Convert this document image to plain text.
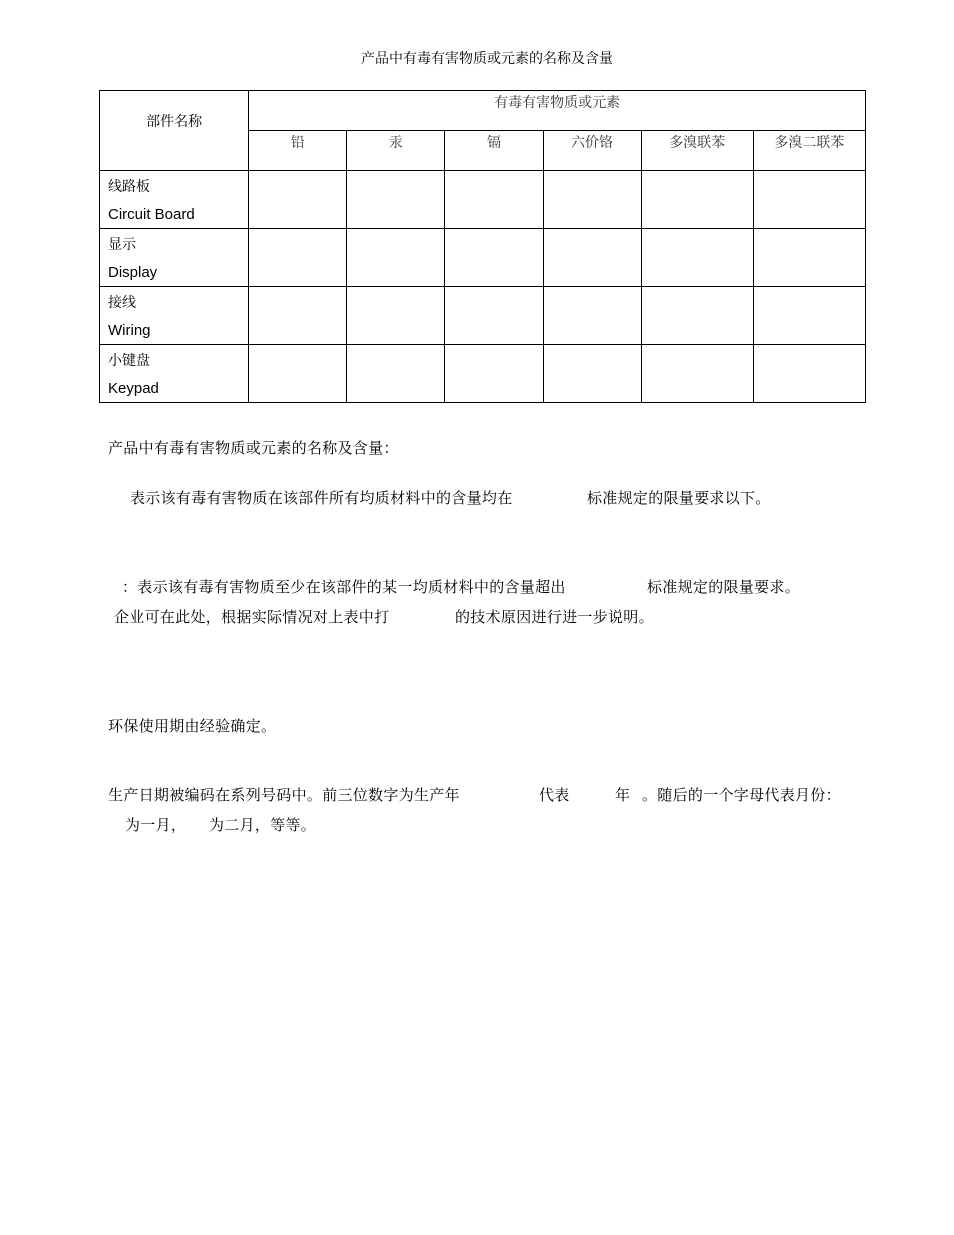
产品中有毒有害物质或元素的名称及含量
部件名称	有毒有害物质或元素					
	铅	汞	镉	六价铬	多溴联苯	多溴二联苯

线路板
Circuit Board						

显示
Display						

接线
Wiring						

小键盘
Keypad						

产品中有毒有害物质或元素的名称及含量：
表示该有毒有害物质在该部件所有均质材料中的含量均在	标准规定的限量要求以下。
：表示该有毒有害物质至少在该部件的某一均质材料中的含量超出	标准规定的限量要求。
企业可在此处，根据实际情况对上表中打	的技术原因进行进一步说明。
环保使用期由经验确定。
生产日期被编码在系列号码中。前三位数字为生产年	代表	年 。随后的一个字母代表月份：
为一月， 为二月，等等。
